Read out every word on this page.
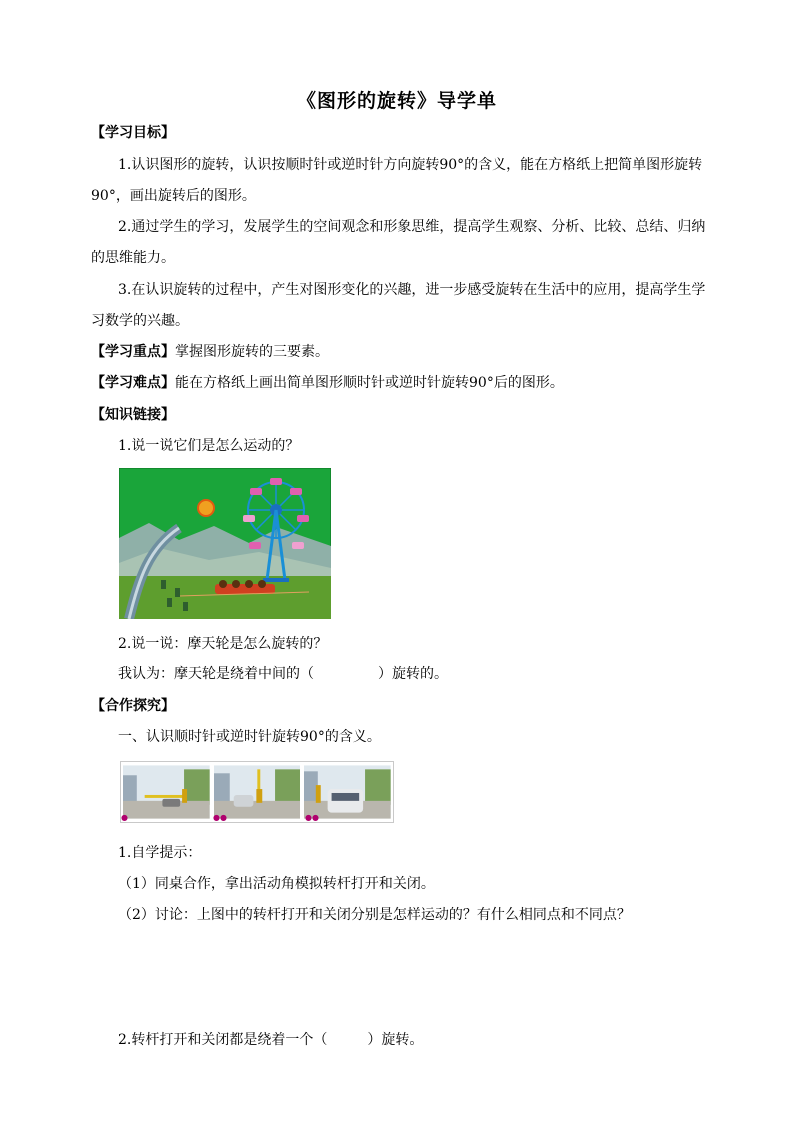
《图形的旋转》导学单
【学习目标】
1.认识图形的旋转，认识按顺时针或逆时针方向旋转90°的含义，能在方格纸上把简单图形旋转
90°，画出旋转后的图形。
2.通过学生的学习，发展学生的空间观念和形象思维，提高学生观察、分析、比较、总结、归纳
的思维能力。
3.在认识旋转的过程中，产生对图形变化的兴趣，进一步感受旋转在生活中的应用，提高学生学
习数学的兴趣。
【学习重点】掌握图形旋转的三要素。
【学习难点】能在方格纸上画出简单图形顺时针或逆时针旋转90°后的图形。
【知识链接】
1.说一说它们是怎么运动的？
2.说一说：摩天轮是怎么旋转的？
我认为：摩天轮是绕着中间的（	）旋转的。
【合作探究】
一、认识顺时针或逆时针旋转90°的含义。
●	●●	●●
1.自学提示：
（1）同桌合作，拿出活动角模拟转杆打开和关闭。
（2）讨论：上图中的转杆打开和关闭分别是怎样运动的？有什么相同点和不同点？
2.转杆打开和关闭都是绕着一个（	）旋转。
